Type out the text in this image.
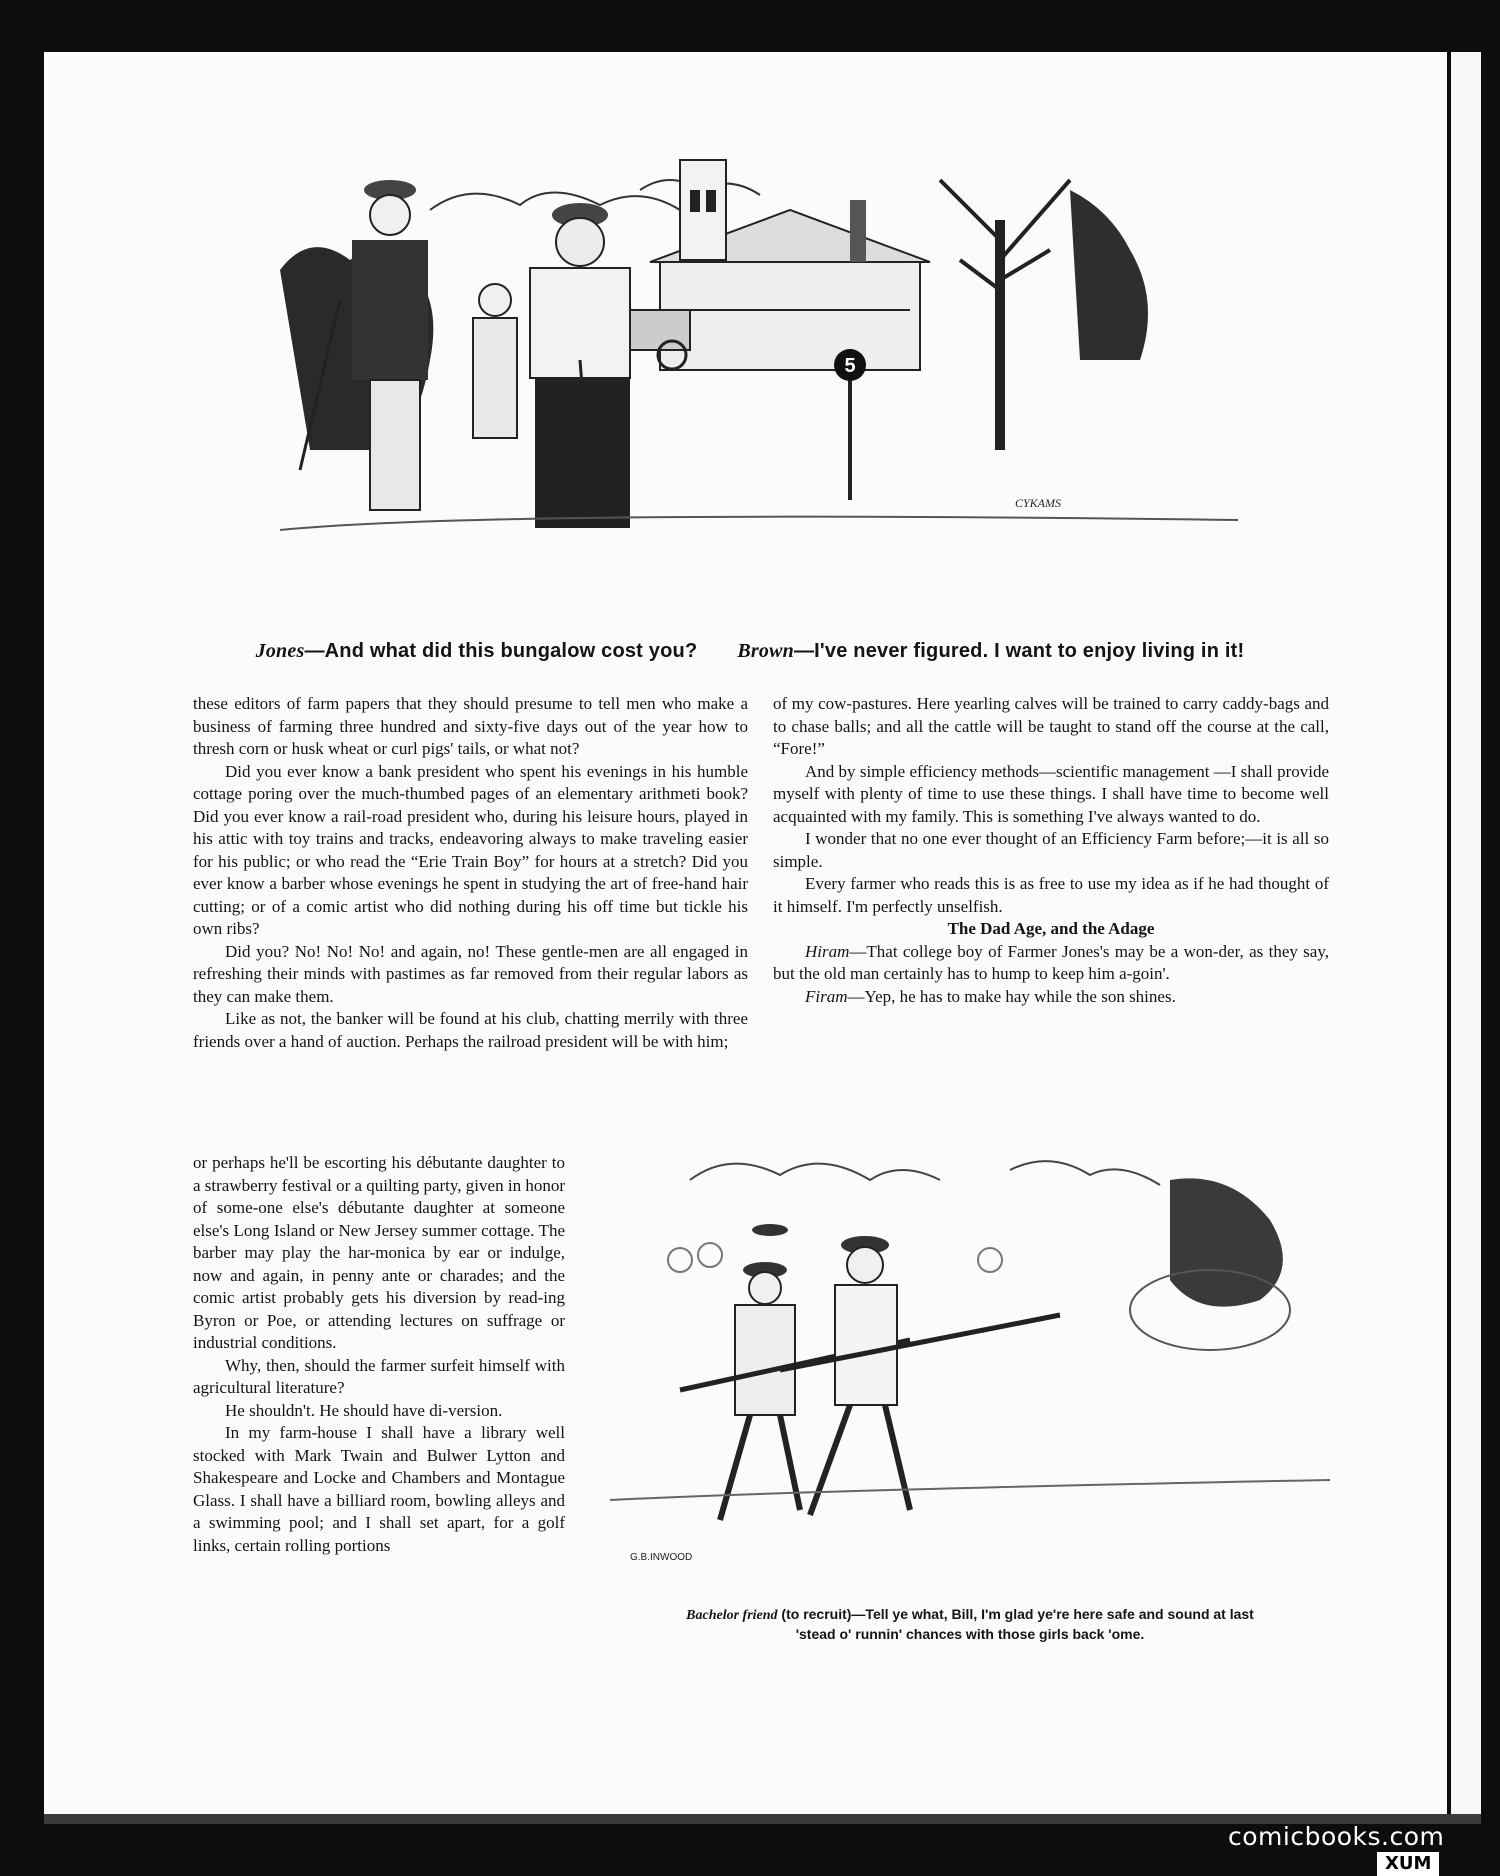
5
CYKAMS
Jones—And what did this bungalow cost you? Brown—I've never figured. I want to enjoy living in it!

these editors of farm papers that they should presume to tell men who make a business of farming three hundred and sixty-five days out of the year how to thresh corn or husk wheat or curl pigs' tails, or what not?

Did you ever know a bank president who spent his evenings in his humble cottage poring over the much-thumbed pages of an elementary arithmeti book? Did you ever know a rail-road president who, during his leisure hours, played in his attic with toy trains and tracks, endeavoring always to make traveling easier for his public; or who read the “Erie Train Boy” for hours at a stretch? Did you ever know a barber whose evenings he spent in studying the art of free-hand hair cutting; or of a comic artist who did nothing during his off time but tickle his own ribs?

Did you? No! No! No! and again, no! These gentle-men are all engaged in refreshing their minds with pastimes as far removed from their regular labors as they can make them.

Like as not, the banker will be found at his club, chatting merrily with three friends over a hand of auction. Perhaps the railroad president will be with him;

or perhaps he'll be escorting his débutante daughter to a strawberry festival or a quilting party, given in honor of some-one else's débutante daughter at someone else's Long Island or New Jersey summer cottage. The barber may play the har-monica by ear or indulge, now and again, in penny ante or charades; and the comic artist probably gets his diversion by read-ing Byron or Poe, or attending lectures on suffrage or industrial conditions.

Why, then, should the farmer surfeit himself with agricultural literature?

He shouldn't. He should have di-version.

In my farm-house I shall have a library well stocked with Mark Twain and Bulwer Lytton and Shakespeare and Locke and Chambers and Montague Glass. I shall have a billiard room, bowling alleys and a swimming pool; and I shall set apart, for a golf links, certain rolling portions

of my cow-pastures. Here yearling calves will be trained to carry caddy-bags and to chase balls; and all the cattle will be taught to stand off the course at the call, “Fore!”

And by simple efficiency methods—scientific management —I shall provide myself with plenty of time to use these things. I shall have time to become well acquainted with my family. This is something I've always wanted to do.

I wonder that no one ever thought of an Efficiency Farm before;—it is all so simple.

Every farmer who reads this is as free to use my idea as if he had thought of it himself. I'm perfectly unselfish.

The Dad Age, and the Adage

Hiram—That college boy of Farmer Jones's may be a won-der, as they say, but the old man certainly has to hump to keep him a-goin'.

Firam—Yep, he has to make hay while the son shines.

G.B.INWOOD
Bachelor friend (to recruit)—Tell ye what, Bill, I'm glad ye're here safe and sound at last
'stead o' runnin' chances with those girls back 'ome.
comicbooks.com
XUM
